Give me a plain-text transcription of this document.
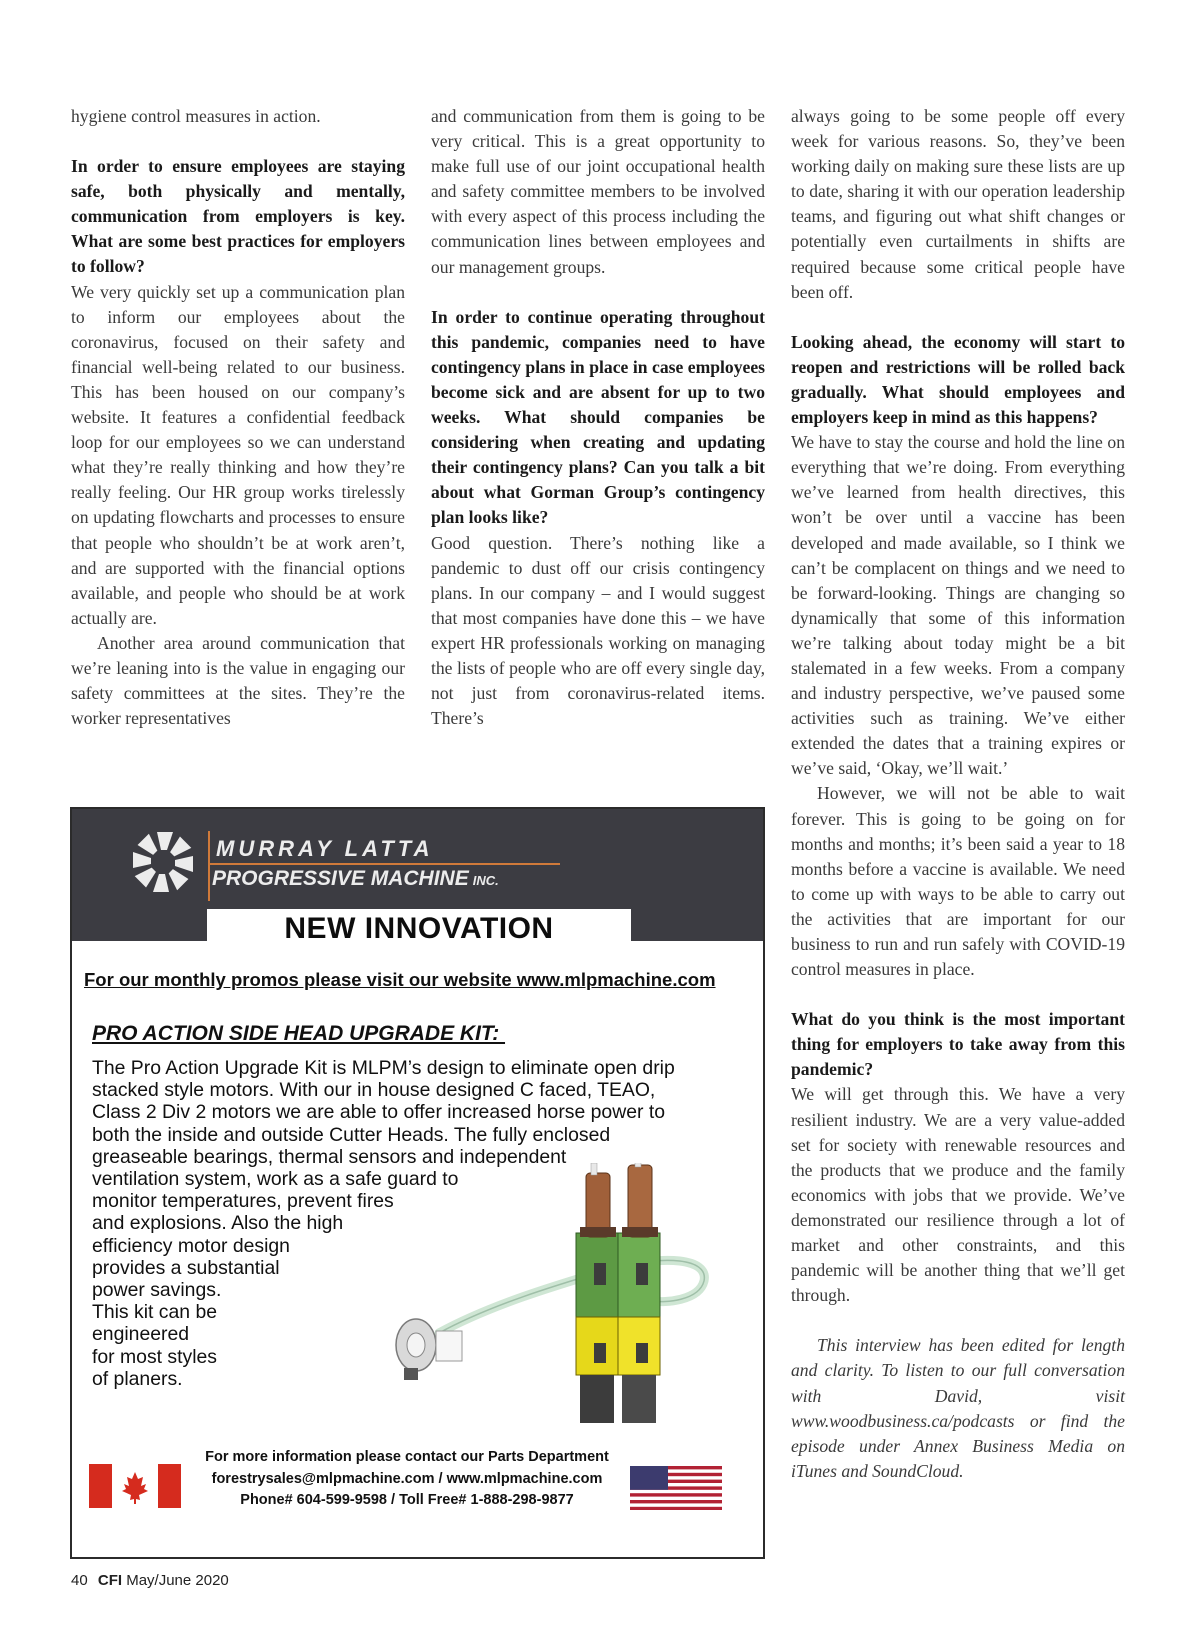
hygiene control measures in action.

In order to ensure employees are staying safe, both physically and mentally, communication from employers is key. What are some best practices for employers to follow?

We very quickly set up a communication plan to inform our employees about the coronavirus, focused on their safety and financial well-being related to our business. This has been housed on our company’s website. It features a confidential feedback loop for our employees so we can understand what they’re really thinking and how they’re really feeling. Our HR group works tirelessly on updating flowcharts and processes to ensure that people who shouldn’t be at work aren’t, and are supported with the financial options available, and people who should be at work actually are.

Another area around communication that we’re leaning into is the value in engaging our safety committees at the sites. They’re the worker representatives

and communication from them is going to be very critical. This is a great opportunity to make full use of our joint occupational health and safety committee members to be involved with every aspect of this process including the communication lines between employees and our management groups.

In order to continue operating throughout this pandemic, companies need to have contingency plans in place in case employees become sick and are absent for up to two weeks. What should companies be considering when creating and updating their contingency plans? Can you talk a bit about what Gorman Group’s contingency plan looks like?

Good question. There’s nothing like a pandemic to dust off our crisis contingency plans. In our company – and I would suggest that most companies have done this – we have expert HR professionals working on managing the lists of people who are off every single day, not just from coronavirus-related items. There’s

always going to be some people off every week for various reasons. So, they’ve been working daily on making sure these lists are up to date, sharing it with our operation leadership teams, and figuring out what shift changes or potentially even curtailments in shifts are required because some critical people have been off.

Looking ahead, the economy will start to reopen and restrictions will be rolled back gradually. What should employees and employers keep in mind as this happens?

We have to stay the course and hold the line on everything that we’re doing. From everything we’ve learned from health directives, this won’t be over until a vaccine has been developed and made available, so I think we can’t be complacent on things and we need to be forward-looking. Things are changing so dynamically that some of this information we’re talking about today might be a bit stalemated in a few weeks. From a company and industry perspective, we’ve paused some activities such as training. We’ve either extended the dates that a training expires or we’ve said, ‘Okay, we’ll wait.’

However, we will not be able to wait forever. This is going to be going on for months and months; it’s been said a year to 18 months before a vaccine is available. We need to come up with ways to be able to carry out the activities that are important for our business to run and run safely with COVID-19 control measures in place.

What do you think is the most important thing for employers to take away from this pandemic?

We will get through this. We have a very resilient industry. We are a very value-added set for society with renewable resources and the products that we produce and the family economics with jobs that we provide. We’ve demonstrated our resilience through a lot of market and other constraints, and this pandemic will be another thing that we’ll get through.

This interview has been edited for length and clarity. To listen to our full conversation with David, visit www.woodbusiness.ca/podcasts or find the episode under Annex Business Media on iTunes and SoundCloud.

MURRAY LATTA
PROGRESSIVE MACHINE INC.
NEW INNOVATION
For our monthly promos please visit our website www.mlpmachine.com
PRO ACTION SIDE HEAD UPGRADE KIT:
The Pro Action Upgrade Kit is MLPM’s design to eliminate open drip
stacked style motors. With our in house designed C faced, TEAO,
Class 2 Div 2 motors we are able to offer increased horse power to
both the inside and outside Cutter Heads. The fully enclosed
greaseable bearings, thermal sensors and independent
ventilation system, work as a safe guard to
monitor temperatures, prevent fires
and explosions. Also the high
efficiency motor design
provides a substantial
power savings.
This kit can be
engineered
for most styles
of planers.
For more information please contact our Parts Department
forestrysales@mlpmachine.com / www.mlpmachine.com
Phone# 604-599-9598 / Toll Free# 1-888-298-9877
40 CFI May/June 2020
